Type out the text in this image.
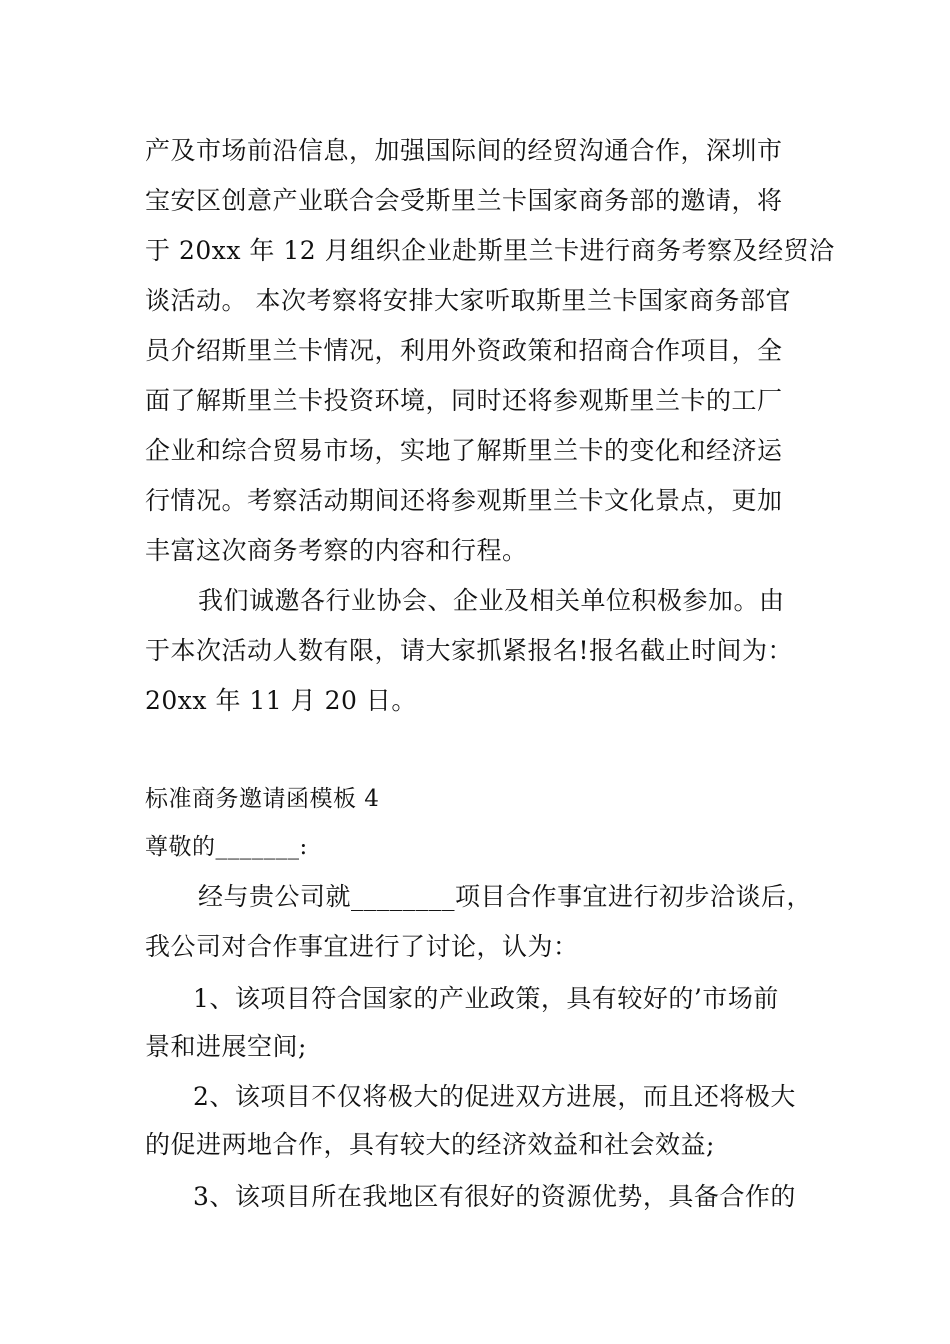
产及市场前沿信息，加强国际间的经贸沟通合作，深圳市
宝安区创意产业联合会受斯里兰卡国家商务部的邀请，将
于 20xx 年 12 月组织企业赴斯里兰卡进行商务考察及经贸洽
谈活动。 本次考察将安排大家听取斯里兰卡国家商务部官
员介绍斯里兰卡情况，利用外资政策和招商合作项目，全
面了解斯里兰卡投资环境，同时还将参观斯里兰卡的工厂
企业和综合贸易市场，实地了解斯里兰卡的变化和经济运
行情况。考察活动期间还将参观斯里兰卡文化景点，更加
丰富这次商务考察的内容和行程。
我们诚邀各行业协会、企业及相关单位积极参加。由
于本次活动人数有限，请大家抓紧报名!报名截止时间为：
20xx 年 11 月 20 日。
标准商务邀请函模板 4
尊敬的_______:
经与贵公司就________项目合作事宜进行初步洽谈后，
我公司对合作事宜进行了讨论，认为：
1、该项目符合国家的产业政策，具有较好的’市场前
景和进展空间;
2、该项目不仅将极大的促进双方进展，而且还将极大
的促进两地合作，具有较大的经济效益和社会效益;
3、该项目所在我地区有很好的资源优势，具备合作的
